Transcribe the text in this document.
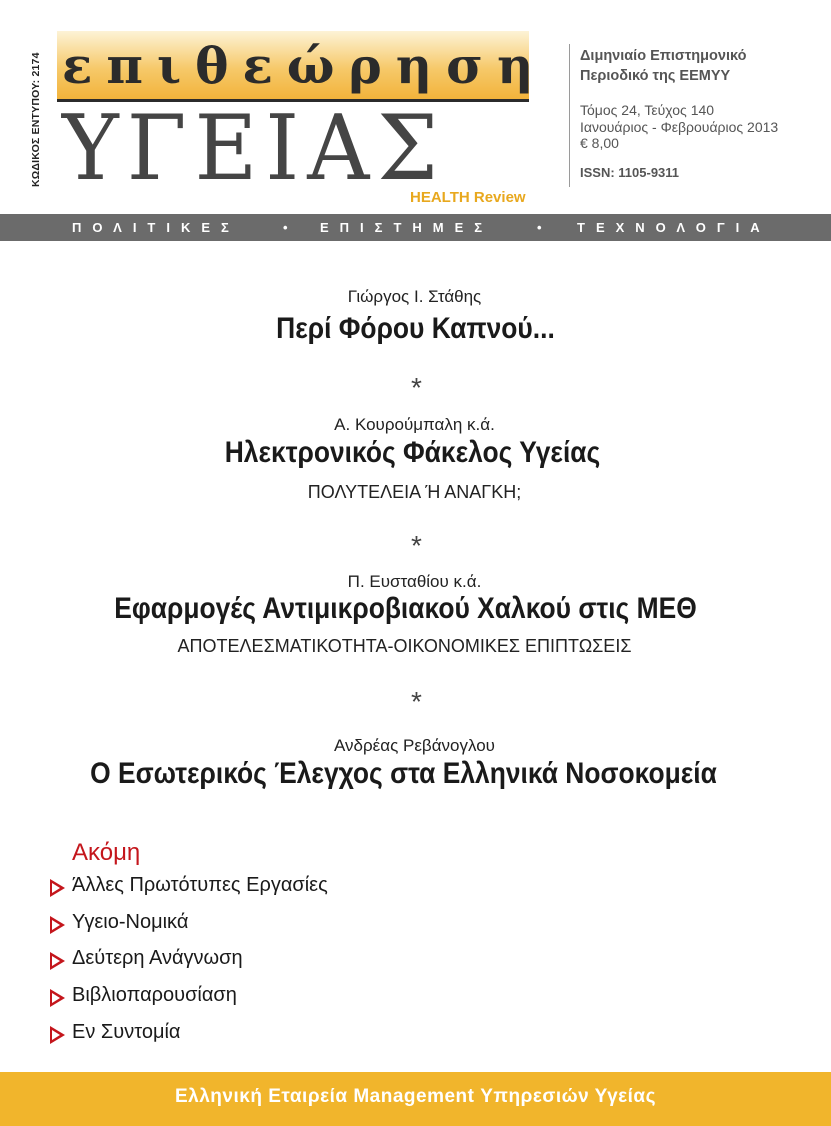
ΚΩΔΙΚΟΣ ΕΝΤΥΠΟΥ: 2174 επιθεώρηση
ΥΓΕΙΑΣ
HEALTH Review
Διμηνιαίο Επιστημονικό
Περιοδικό της ΕΕΜΥΥ
Τόμος 24, Τεύχος 140
Ιανουάριος - Φεβρουάριος 2013
€ 8,00
ISSN: 1105-9311
ΠΟΛΙΤΙΚΕΣ	• ΕΠΙΣΤΗΜΕΣ	•	ΤΕΧΝΟΛΟΓΙΑ
Γιώργος Ι. Στάθης
Περί Φόρου Καπνού...
*
Α. Κουρούμπαλη κ.ά.
Ηλεκτρονικός Φάκελος Υγείας
ΠΟΛΥΤΕΛΕΙΑ Ή ΑΝΑΓΚΗ;
*
Π. Ευσταθίου κ.ά.
Εφαρμογές Αντιμικροβιακού Χαλκού στις ΜΕΘ
ΑΠΟΤΕΛΕΣΜΑΤΙΚΟΤΗΤΑ-ΟΙΚΟΝΟΜΙΚΕΣ ΕΠΙΠΤΩΣΕΙΣ
*
Ανδρέας Ρεβάνογλου
Ο Εσωτερικός Έλεγχος στα Ελληνικά Νοσοκομεία
Ακόμη
Άλλες Πρωτότυπες Εργασίες
Υγειο-Νομικά
Δεύτερη Ανάγνωση
Βιβλιοπαρουσίαση
Εν Συντομία
Ελληνική Εταιρεία Management Υπηρεσιών Υγείας
